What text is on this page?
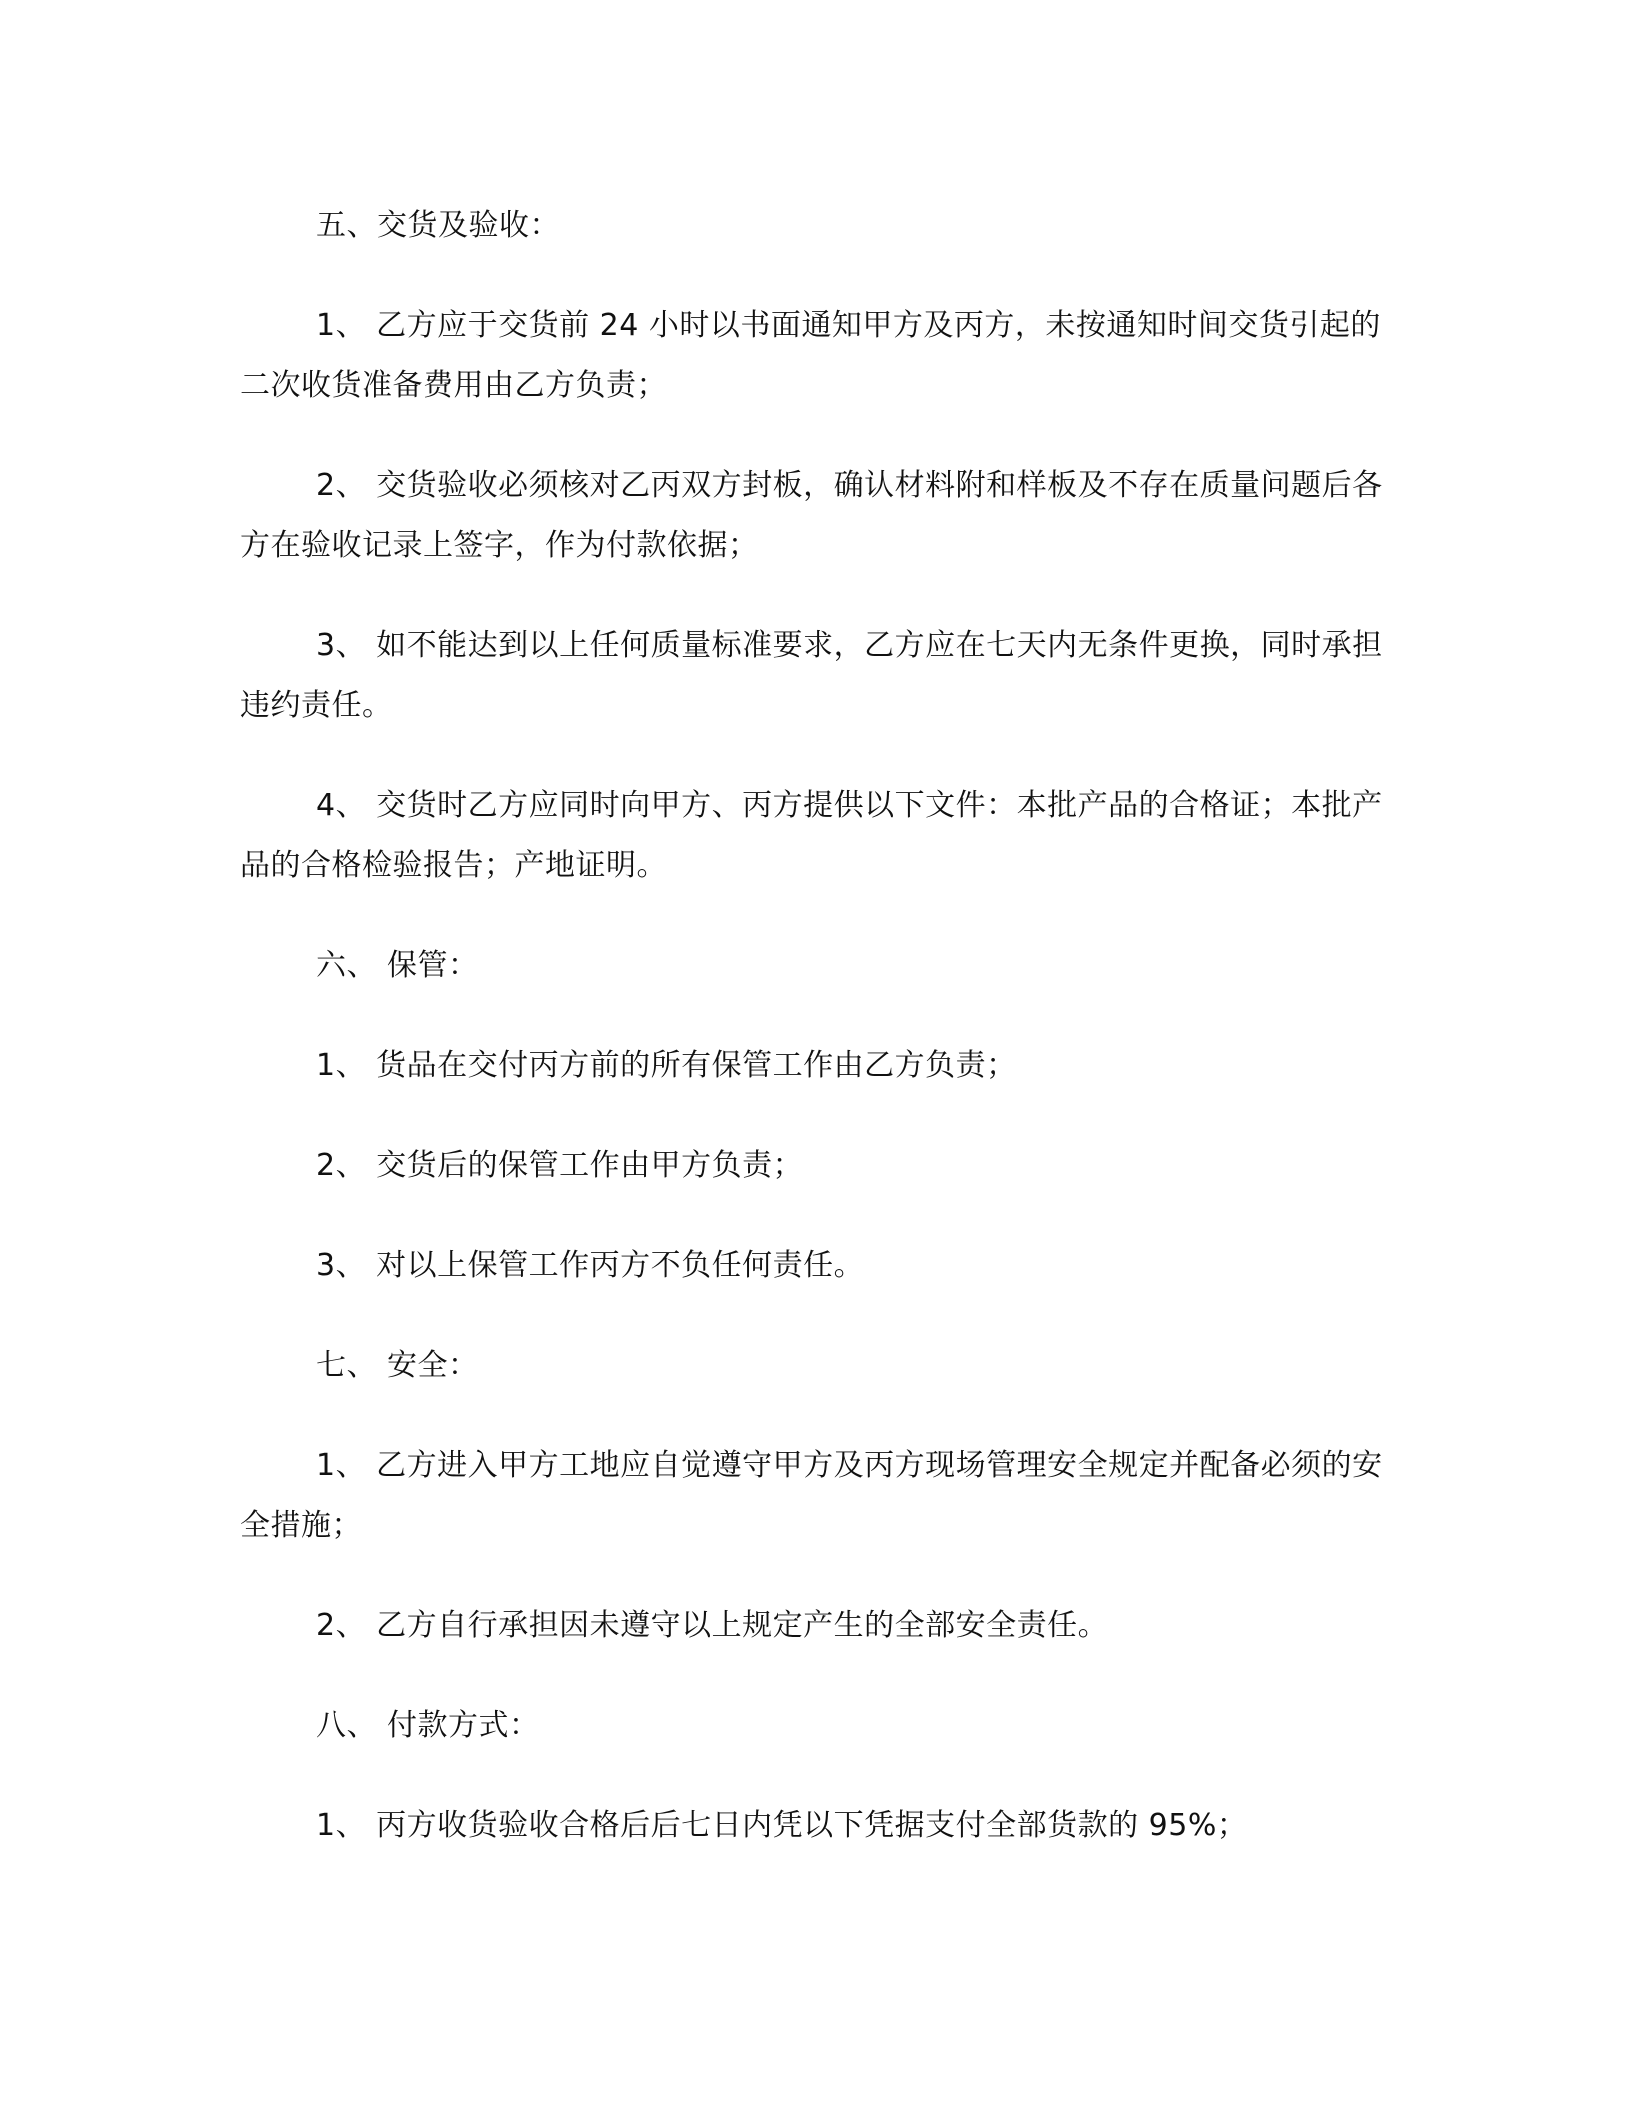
五、交货及验收：

1、 乙方应于交货前 24 小时以书面通知甲方及丙方，未按通知时间交货引起的二次收货准备费用由乙方负责；

2、 交货验收必须核对乙丙双方封板，确认材料附和样板及不存在质量问题后各方在验收记录上签字，作为付款依据；

3、 如不能达到以上任何质量标准要求，乙方应在七天内无条件更换，同时承担违约责任。

4、 交货时乙方应同时向甲方、丙方提供以下文件：本批产品的合格证；本批产品的合格检验报告；产地证明。

六、 保管：

1、 货品在交付丙方前的所有保管工作由乙方负责；

2、 交货后的保管工作由甲方负责；

3、 对以上保管工作丙方不负任何责任。

七、 安全：

1、 乙方进入甲方工地应自觉遵守甲方及丙方现场管理安全规定并配备必须的安全措施；

2、 乙方自行承担因未遵守以上规定产生的全部安全责任。

八、 付款方式：

1、 丙方收货验收合格后后七日内凭以下凭据支付全部货款的 95%；
